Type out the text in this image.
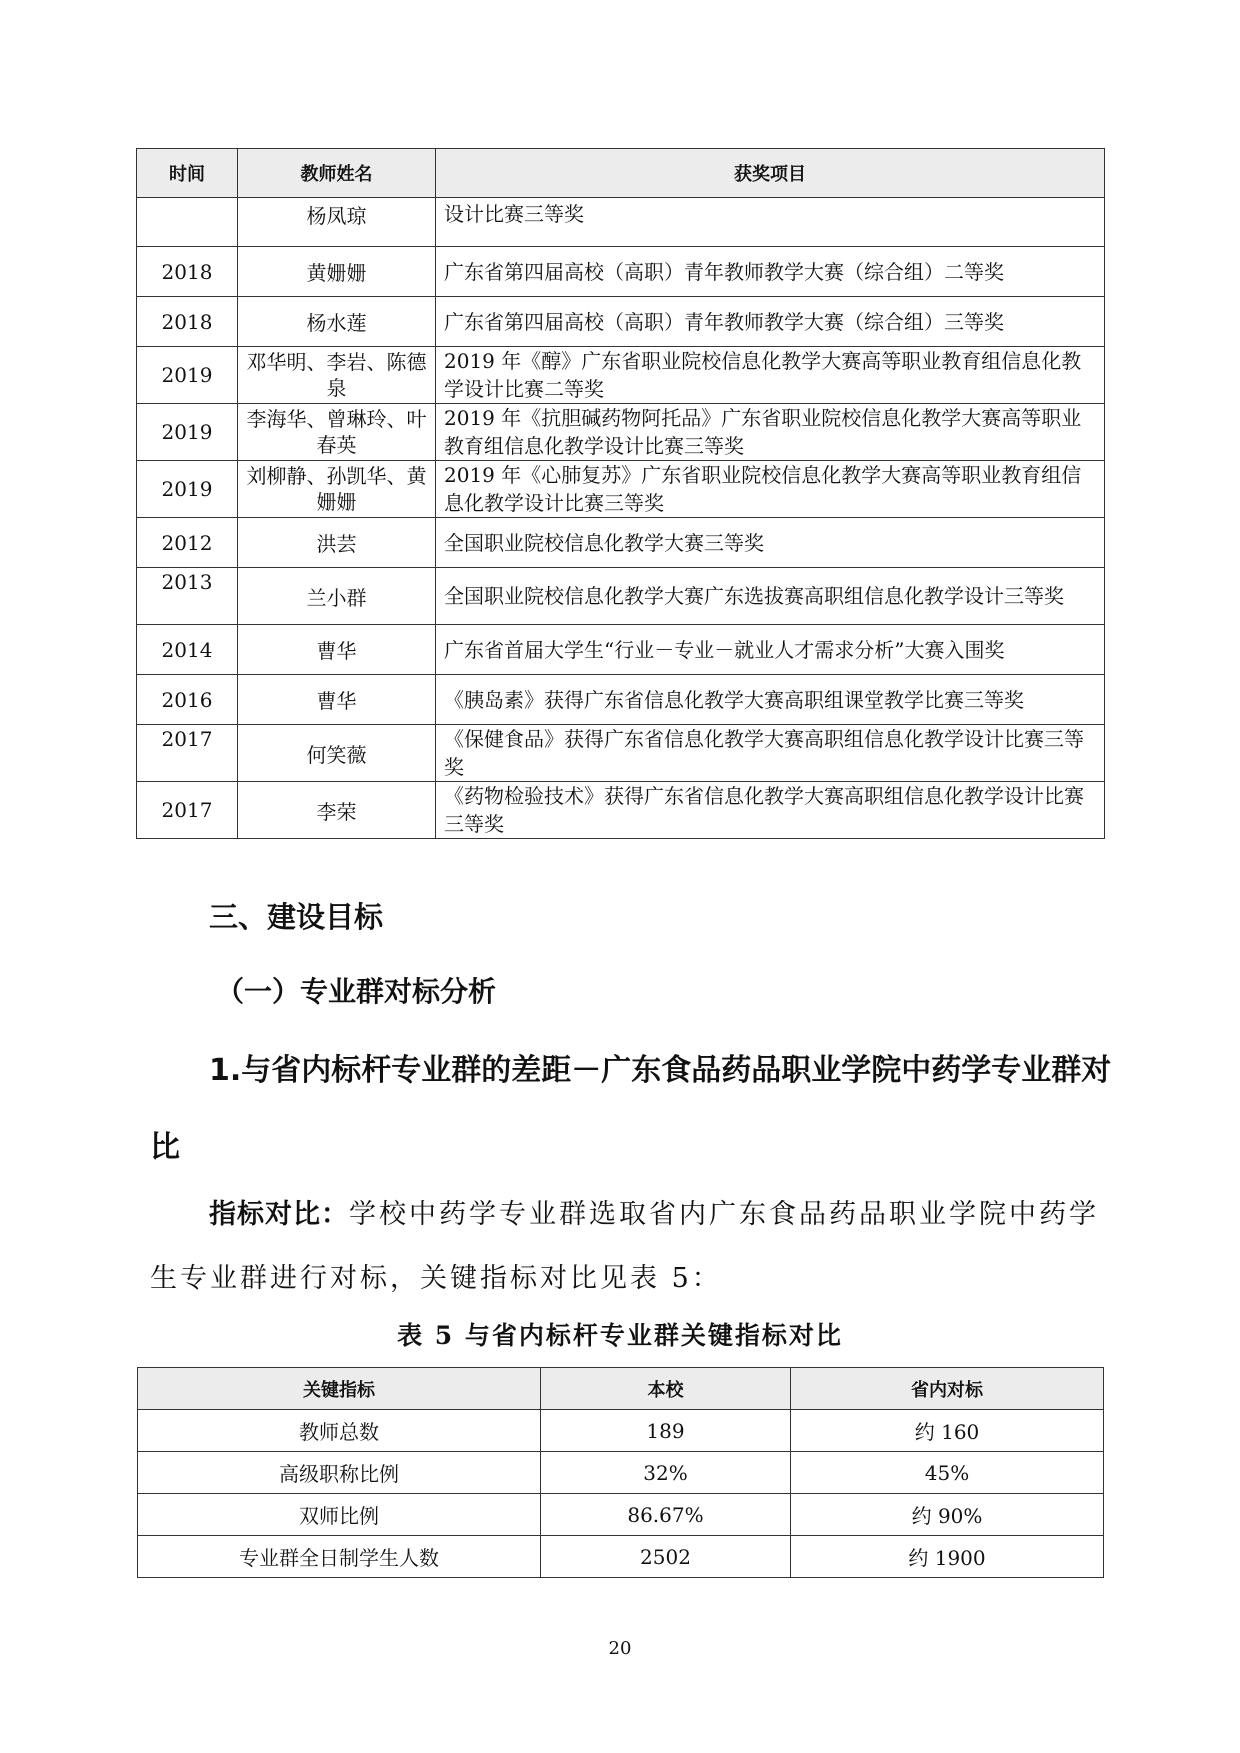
时间	教师姓名	获奖项目
	杨凤琼	设计比赛三等奖
2018	黄姗姗	广东省第四届高校（高职）青年教师教学大赛（综合组）二等奖
2018	杨水莲	广东省第四届高校（高职）青年教师教学大赛（综合组）三等奖
2019	邓华明、李岩、陈德泉	2019 年《醇》广东省职业院校信息化教学大赛高等职业教育组信息化教学设计比赛二等奖
2019	李海华、曾琳玲、叶春英	2019 年《抗胆碱药物阿托品》广东省职业院校信息化教学大赛高等职业教育组信息化教学设计比赛三等奖
2019	刘柳静、孙凯华、黄姗姗	2019 年《心肺复苏》广东省职业院校信息化教学大赛高等职业教育组信息化教学设计比赛三等奖
2012	洪芸	全国职业院校信息化教学大赛三等奖
2013	兰小群	全国职业院校信息化教学大赛广东选拔赛高职组信息化教学设计三等奖
2014	曹华	广东省首届大学生“行业－专业－就业人才需求分析”大赛入围奖
2016	曹华	《胰岛素》获得广东省信息化教学大赛高职组课堂教学比赛三等奖
2017	何笑薇	《保健食品》获得广东省信息化教学大赛高职组信息化教学设计比赛三等奖
2017	李荣	《药物检验技术》获得广东省信息化教学大赛高职组信息化教学设计比赛三等奖

三、建设目标

（一）专业群对标分析

1.与省内标杆专业群的差距－广东食品药品职业学院中药学专业群对

比

指标对比：学校中药学专业群选取省内广东食品药品职业学院中药学

生专业群进行对标，关键指标对比见表 5：

表 5 与省内标杆专业群关键指标对比

关键指标	本校	省内对标
教师总数	189	约 160
高级职称比例	32%	45%
双师比例	86.67%	约 90%
专业群全日制学生人数	2502	约 1900

20
